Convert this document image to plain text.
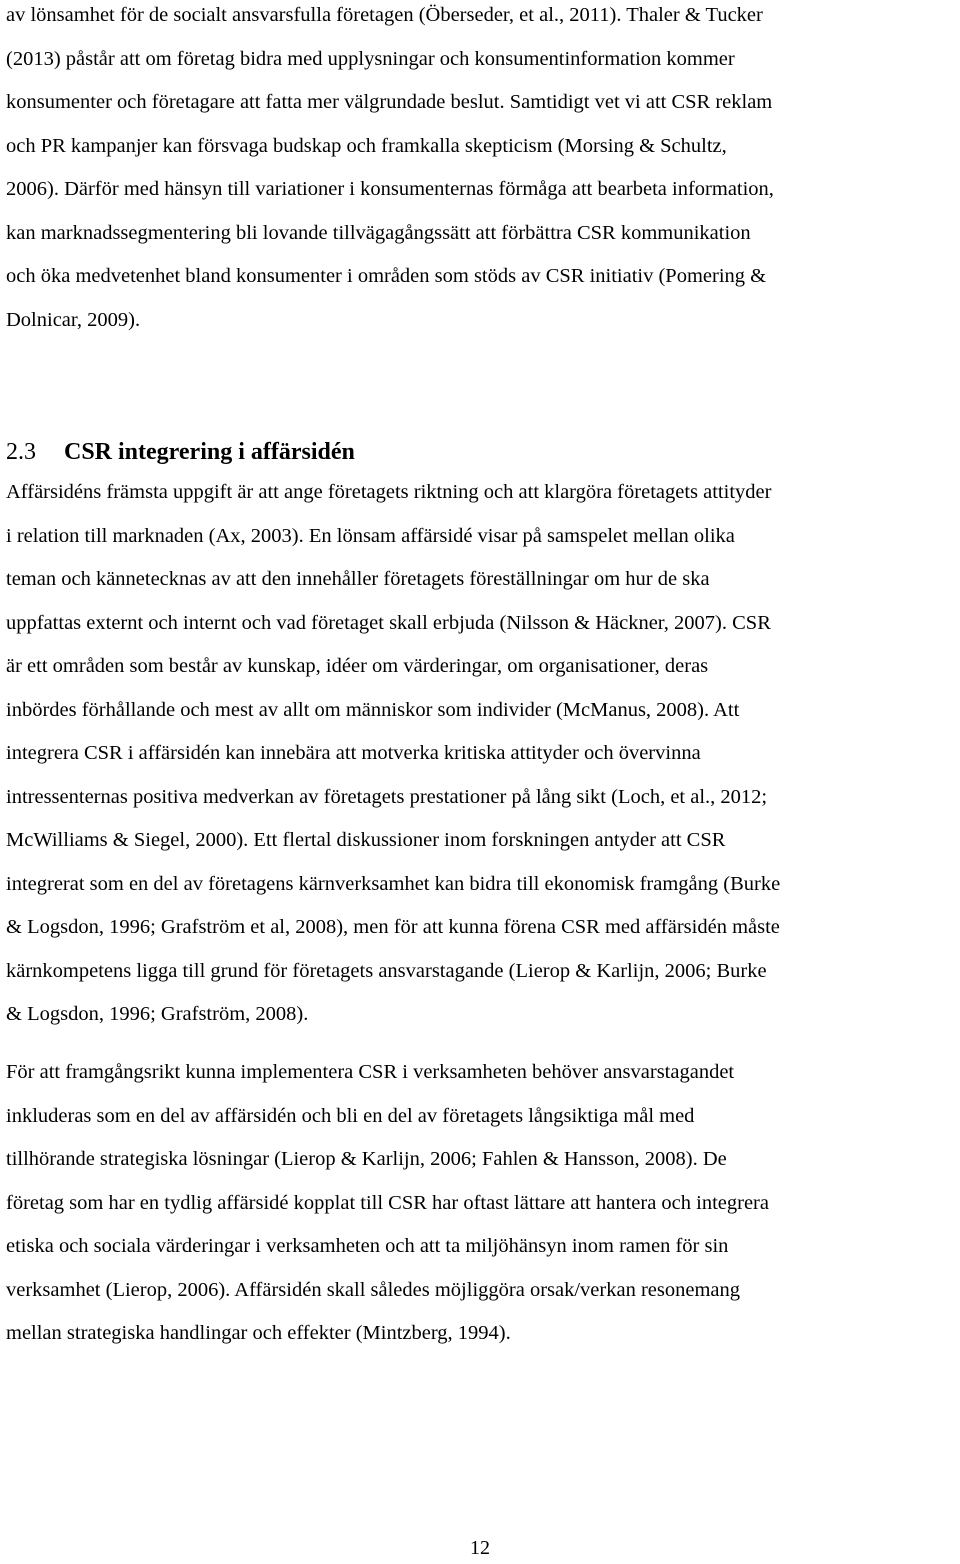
av lönsamhet för de socialt ansvarsfulla företagen (Öberseder, et al., 2011). Thaler & Tucker
(2013) påstår att om företag bidra med upplysningar och konsumentinformation kommer
konsumenter och företagare att fatta mer välgrundade beslut. Samtidigt vet vi att CSR reklam
och PR kampanjer kan försvaga budskap och framkalla skepticism (Morsing & Schultz,
2006). Därför med hänsyn till variationer i konsumenternas förmåga att bearbeta information,
kan marknadssegmentering bli lovande tillvägagångssätt att förbättra CSR kommunikation
och öka medvetenhet bland konsumenter i områden som stöds av CSR initiativ (Pomering &
Dolnicar, 2009).

2.3 CSR integrering i affärsidén

Affärsidéns främsta uppgift är att ange företagets riktning och att klargöra företagets attityder
i relation till marknaden (Ax, 2003). En lönsam affärsidé visar på samspelet mellan olika
teman och kännetecknas av att den innehåller företagets föreställningar om hur de ska
uppfattas externt och internt och vad företaget skall erbjuda (Nilsson & Häckner, 2007). CSR
är ett områden som består av kunskap, idéer om värderingar, om organisationer, deras
inbördes förhållande och mest av allt om människor som individer (McManus, 2008). Att
integrera CSR i affärsidén kan innebära att motverka kritiska attityder och övervinna
intressenternas positiva medverkan av företagets prestationer på lång sikt (Loch, et al., 2012;
McWilliams & Siegel, 2000). Ett flertal diskussioner inom forskningen antyder att CSR
integrerat som en del av företagens kärnverksamhet kan bidra till ekonomisk framgång (Burke
& Logsdon, 1996; Grafström et al, 2008), men för att kunna förena CSR med affärsidén måste
kärnkompetens ligga till grund för företagets ansvarstagande (Lierop & Karlijn, 2006; Burke
& Logsdon, 1996; Grafström, 2008).

För att framgångsrikt kunna implementera CSR i verksamheten behöver ansvarstagandet
inkluderas som en del av affärsidén och bli en del av företagets långsiktiga mål med
tillhörande strategiska lösningar (Lierop & Karlijn, 2006; Fahlen & Hansson, 2008). De
företag som har en tydlig affärsidé kopplat till CSR har oftast lättare att hantera och integrera
etiska och sociala värderingar i verksamheten och att ta miljöhänsyn inom ramen för sin
verksamhet (Lierop, 2006). Affärsidén skall således möjliggöra orsak/verkan resonemang
mellan strategiska handlingar och effekter (Mintzberg, 1994).

12
